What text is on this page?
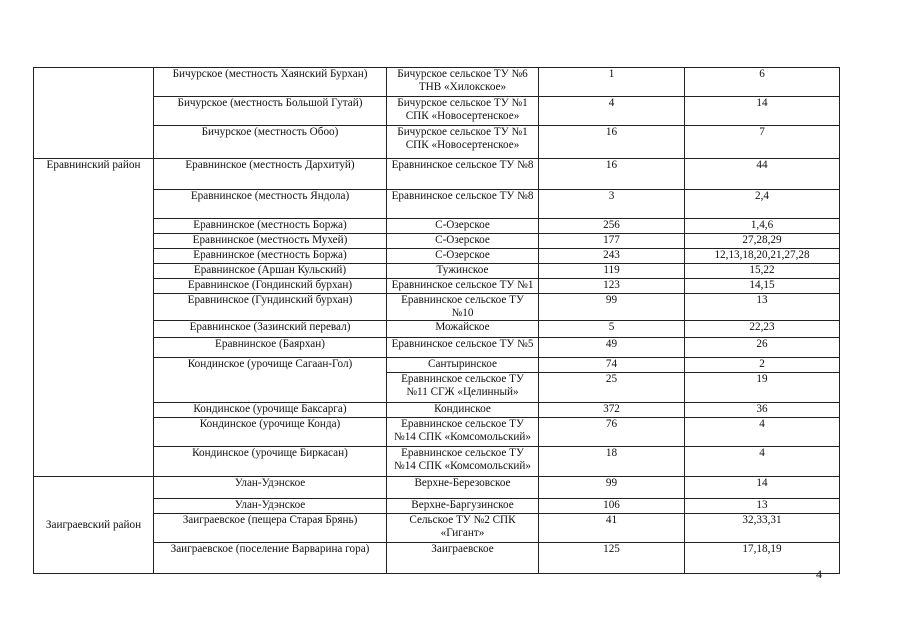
	Бичурское (местность Хаянский Бурхан)	Бичурское сельское ТУ №6 ТНВ «Хилокское»	1	6
	Бичурское (местность Большой Гутай)	Бичурское сельское ТУ №1 СПК «Новосертенское»	4	14
	Бичурское (местность Обоо)	Бичурское сельское ТУ №1 СПК «Новосертенское»	16	7
Еравнинский район	Еравнинское (местность Дархитуй)	Еравнинское сельское ТУ №8	16	44
	Еравнинское (местность Яндола)	Еравнинское сельское ТУ №8	3	2,4
	Еравнинское (местность Боржа)	С-Озерское	256	1,4,6
	Еравнинское (местность Мухей)	С-Озерское	177	27,28,29
	Еравнинское (местность Боржа)	С-Озерское	243	12,13,18,20,21,27,28
	Еравнинское (Аршан Кульский)	Тужинское	119	15,22
	Еравнинское (Гондинский бурхан)	Еравнинское сельское ТУ №1	123	14,15
	Еравнинское (Гундинский бурхан)	Еравнинское сельское ТУ №10	99	13
	Еравнинское (Зазинский перевал)	Можайское	5	22,23
	Еравнинское (Баярхан)	Еравнинское сельское ТУ №5	49	26
	Кондинское (урочище Сагаан-Гол)	Сантыринское	74	2
		Еравнинское сельское ТУ №11 СГЖ «Целинный»	25	19
	Кондинское (урочище Баксарга)	Кондинское	372	36
	Кондинское (урочище Конда)	Еравнинское сельское ТУ №14 СПК «Комсомольский»	76	4
	Кондинское (урочище Биркасан)	Еравнинское сельское ТУ №14 СПК «Комсомольский»	18	4
Заиграевский район	Улан-Удэнское	Верхне-Березовское	99	14
	Улан-Удэнское	Верхне-Баргузинское	106	13
	Заиграевское (пещера Старая Брянь)	Сельское ТУ №2 СПК «Гигант»	41	32,33,31
	Заиграевское (поселение Варварина гора)	Заиграевское	125	17,18,19
4
